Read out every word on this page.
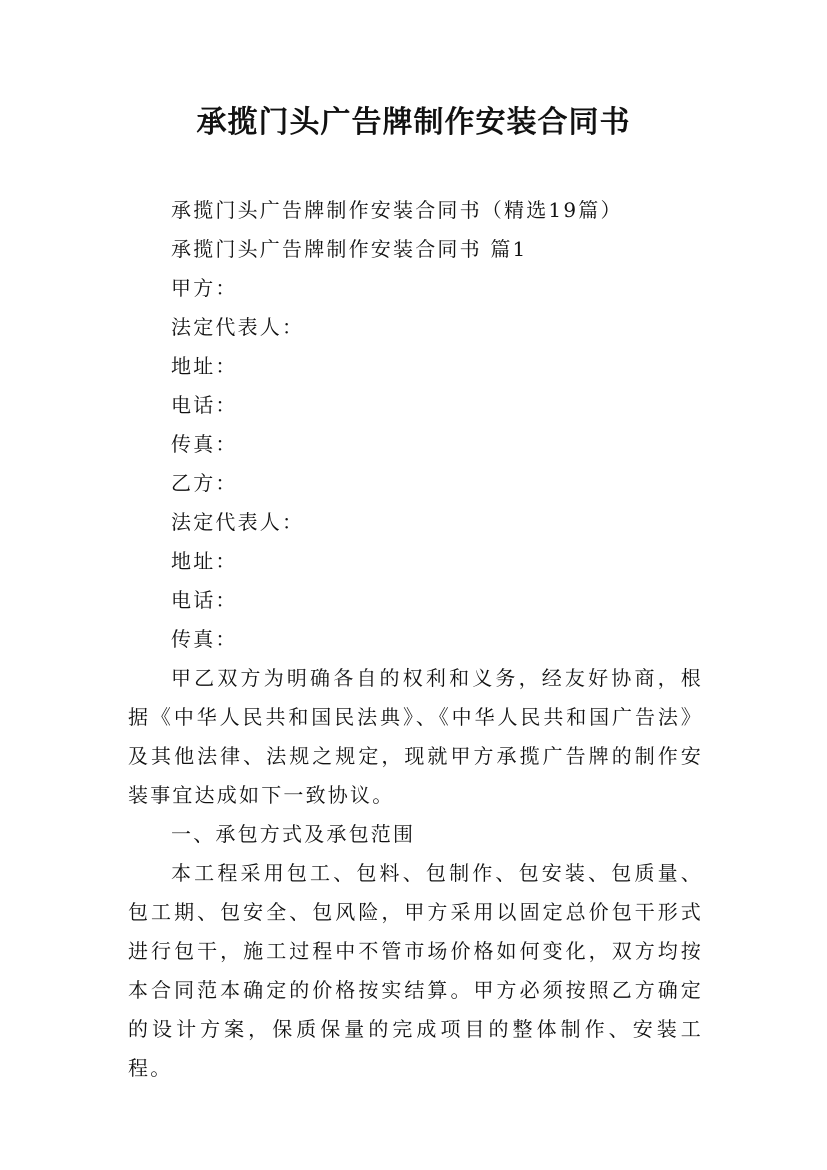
承揽门头广告牌制作安装合同书

承揽门头广告牌制作安装合同书（精选19篇）

承揽门头广告牌制作安装合同书 篇1

甲方：

法定代表人：

地址：

电话：

传真：

乙方：

法定代表人：

地址：

电话：

传真：

甲乙双方为明确各自的权利和义务，经友好协商，根据《中华人民共和国民法典》、《中华人民共和国广告法》及其他法律、法规之规定，现就甲方承揽广告牌的制作安装事宜达成如下一致协议。

一、承包方式及承包范围

本工程采用包工、包料、包制作、包安装、包质量、包工期、包安全、包风险，甲方采用以固定总价包干形式进行包干，施工过程中不管市场价格如何变化，双方均按本合同范本确定的价格按实结算。甲方必须按照乙方确定的设计方案，保质保量的完成项目的整体制作、安装工程。
